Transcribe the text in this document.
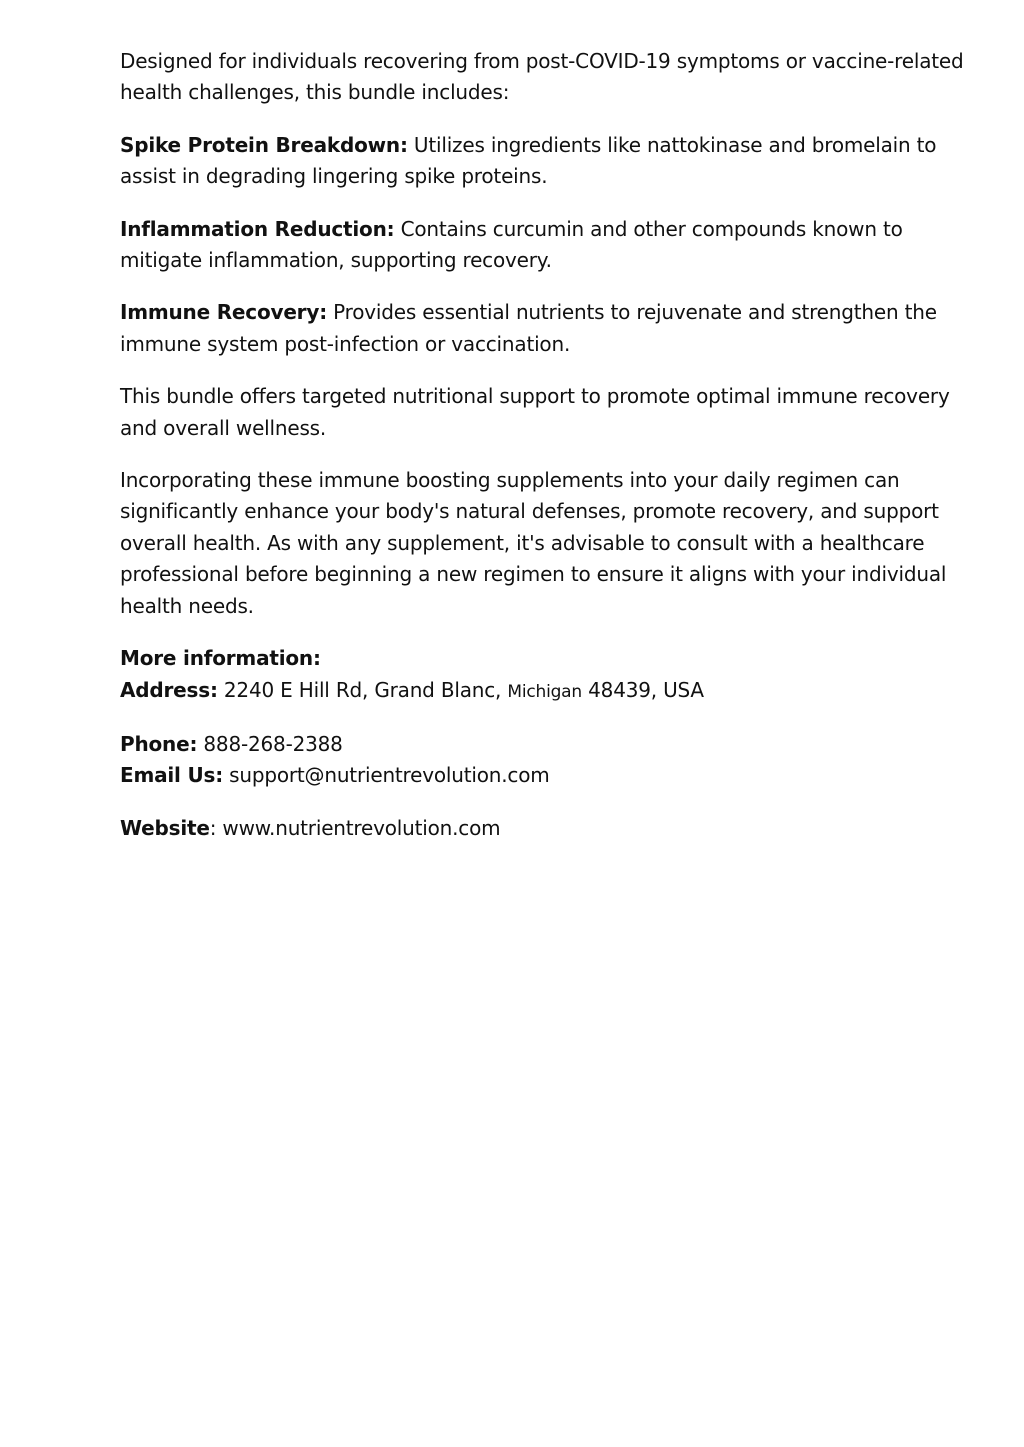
Designed for individuals recovering from post-COVID-19 symptoms or vaccine-related health challenges, this bundle includes:

Spike Protein Breakdown: Utilizes ingredients like nattokinase and bromelain to assist in degrading lingering spike proteins.

Inflammation Reduction: Contains curcumin and other compounds known to mitigate inflammation, supporting recovery.

Immune Recovery: Provides essential nutrients to rejuvenate and strengthen the immune system post-infection or vaccination.

This bundle offers targeted nutritional support to promote optimal immune recovery and overall wellness.

Incorporating these immune boosting supplements into your daily regimen can significantly enhance your body's natural defenses, promote recovery, and support overall health. As with any supplement, it's advisable to consult with a healthcare professional before beginning a new regimen to ensure it aligns with your individual health needs.

More information:

Address: 2240 E Hill Rd, Grand Blanc, Michigan 48439, USA

Phone: 888-268-2388

Email Us: support@nutrientrevolution.com

Website: www.nutrientrevolution.com
